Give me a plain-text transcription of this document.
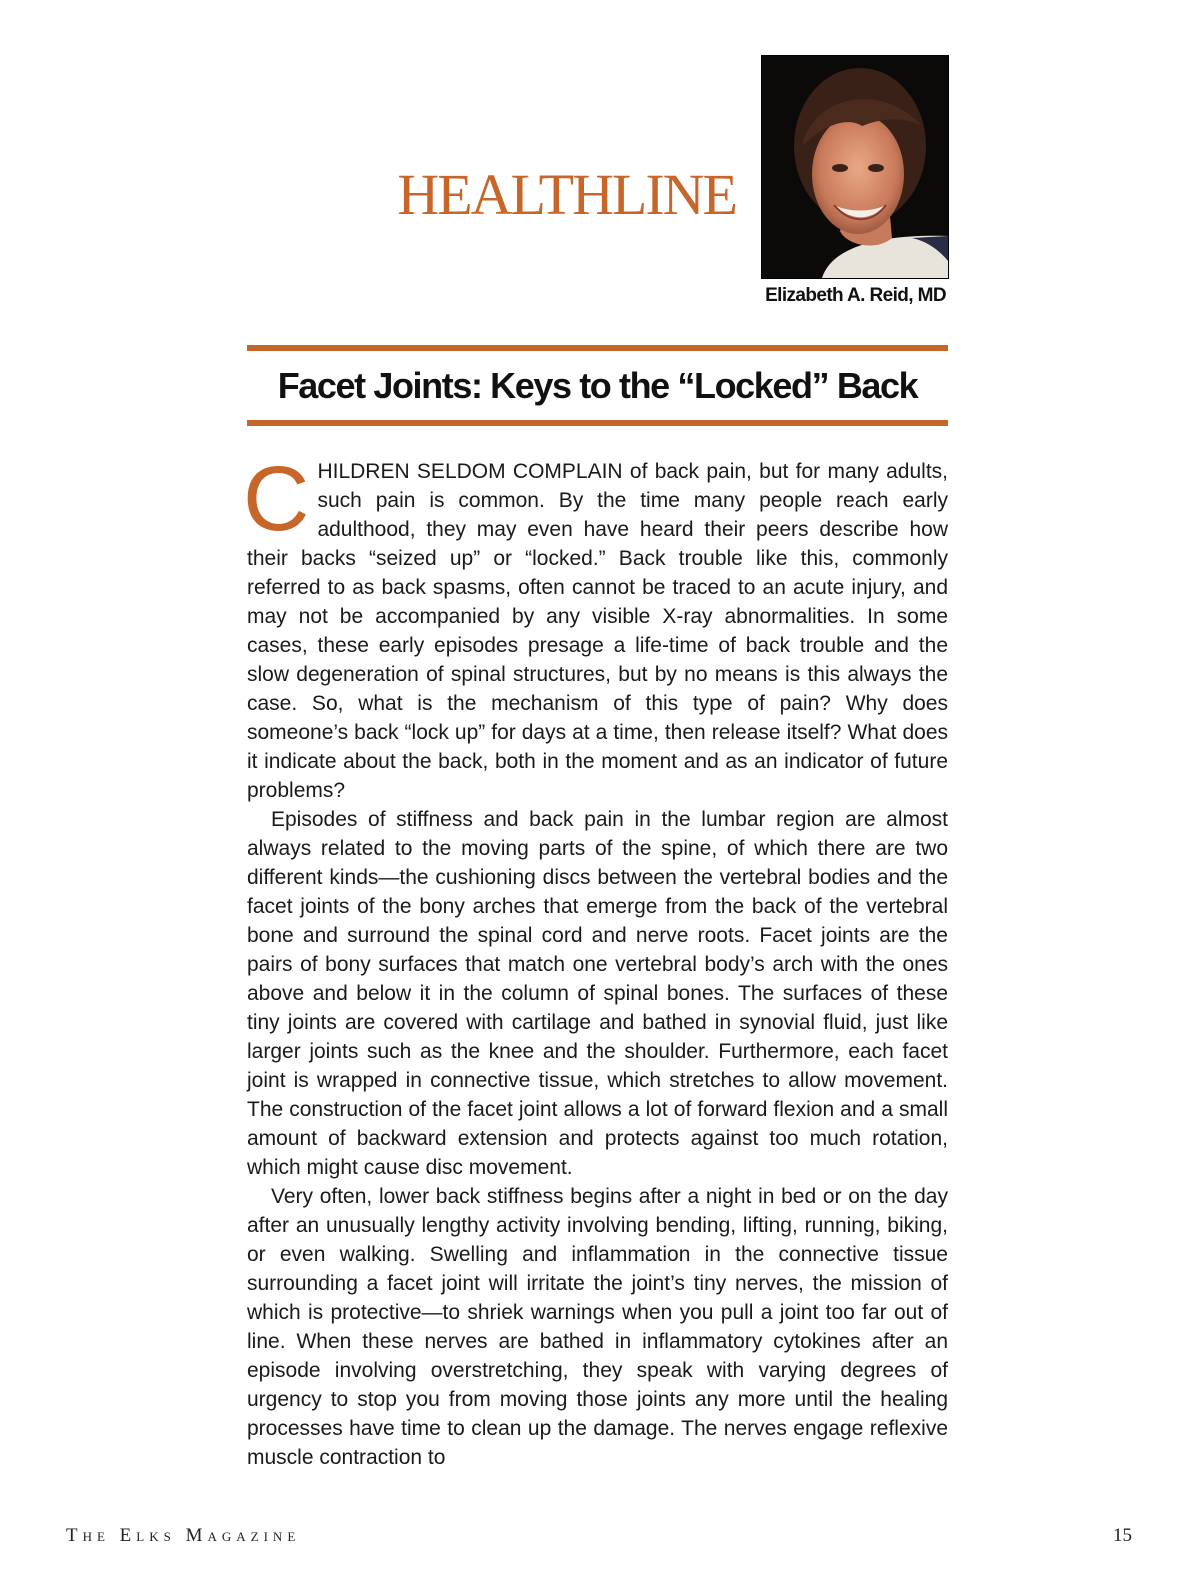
HEALTHLINE
Elizabeth A. Reid, MD
Facet Joints: Keys to the “Locked” Back

CHILDREN SELDOM COMPLAIN of back pain, but for many adults, such pain is common. By the time many people reach early adulthood, they may even have heard their peers describe how their backs “seized up” or “locked.” Back trouble like this, commonly referred to as back spasms, often cannot be traced to an acute injury, and may not be accompanied by any visible X-ray abnormalities. In some cases, these early episodes presage a life-time of back trouble and the slow degeneration of spinal structures, but by no means is this always the case. So, what is the mechanism of this type of pain? Why does someone’s back “lock up” for days at a time, then release itself? What does it indicate about the back, both in the moment and as an indicator of future problems?

Episodes of stiffness and back pain in the lumbar region are almost always related to the moving parts of the spine, of which there are two different kinds—the cushioning discs between the vertebral bodies and the facet joints of the bony arches that emerge from the back of the vertebral bone and surround the spinal cord and nerve roots. Facet joints are the pairs of bony surfaces that match one vertebral body’s arch with the ones above and below it in the column of spinal bones. The surfaces of these tiny joints are covered with cartilage and bathed in synovial fluid, just like larger joints such as the knee and the shoulder. Furthermore, each facet joint is wrapped in connective tissue, which stretches to allow movement. The construction of the facet joint allows a lot of forward flexion and a small amount of backward extension and protects against too much rotation, which might cause disc movement.

Very often, lower back stiffness begins after a night in bed or on the day after an unusually lengthy activity involving bending, lifting, running, biking, or even walking. Swelling and inflammation in the connective tissue surrounding a facet joint will irritate the joint’s tiny nerves, the mission of which is protective—to shriek warnings when you pull a joint too far out of line. When these nerves are bathed in inflammatory cytokines after an episode involving overstretching, they speak with varying degrees of urgency to stop you from moving those joints any more until the healing processes have time to clean up the damage. The nerves engage reflexive muscle contraction to

The Elks Magazine	15
